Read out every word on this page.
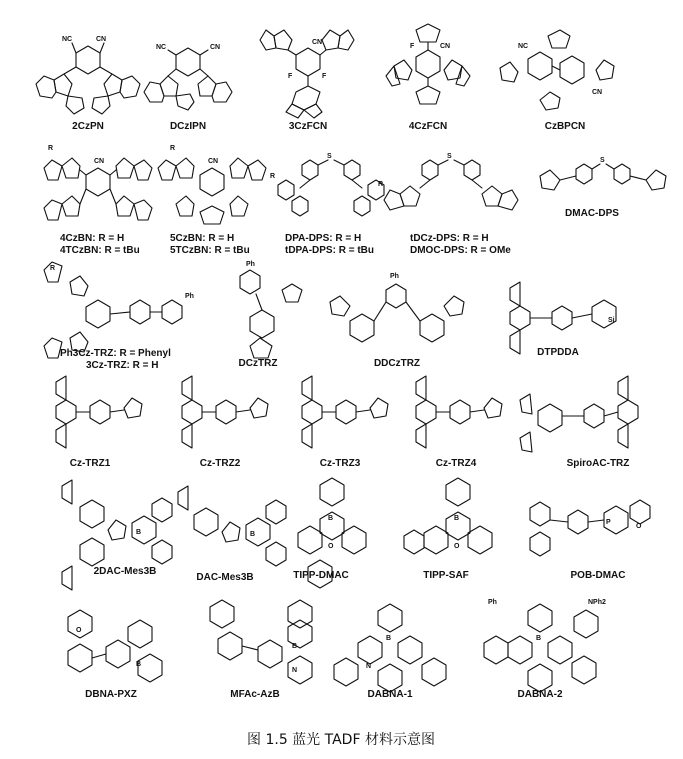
NC	CN
2CzPN
NC	CN
DCzIPN
CN
F	F
3CzFCN
F	CN
4CzFCN
NC
CN
CzBPCN
R
CN
4CzBN: R = H
4TCzBN: R = tBu
R
CN
5CzBN: R = H
5TCzBN: R = tBu
S
R
DPA-DPS: R = H
tDPA-DPS: R = tBu
S
R
tDCz-DPS: R = H
DMOC-DPS: R = OMe
S
DMAC-DPS
Ph
R
Ph3Cz-TRZ: R = Phenyl
3Cz-TRZ: R = H
Ph
DCzTRZ
Ph
DDCzTRZ
Si
DTPDDA
Cz-TRZ1	Cz-TRZ2	Cz-TRZ3	Cz-TRZ4	SpiroAC-TRZ
B
2DAC-Mes3B
B
DAC-Mes3B
B
O
TIPP-DMAC
B
O
TIPP-SAF
P
O
POB-DMAC
O
B
DBNA-PXZ
B
N
MFAc-AzB
B
N
DABNA-1
Ph	NPh2
B
DABNA-2
图 1.5 蓝光 TADF 材料示意图
